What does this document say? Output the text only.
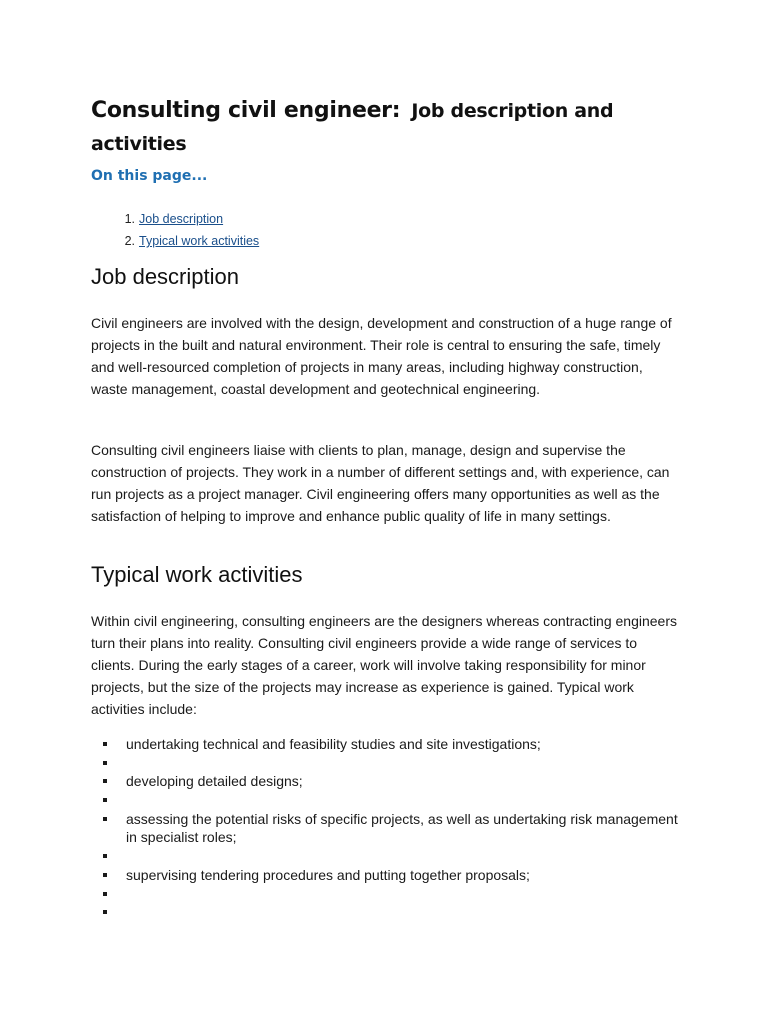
Consulting civil engineer: Job description and activities

On this page...

1. Job description
2. Typical work activities
Job description

Civil engineers are involved with the design, development and construction of a huge range of projects in the built and natural environment. Their role is central to ensuring the safe, timely and well-resourced completion of projects in many areas, including highway construction, waste management, coastal development and geotechnical engineering.

Consulting civil engineers liaise with clients to plan, manage, design and supervise the construction of projects. They work in a number of different settings and, with experience, can run projects as a project manager. Civil engineering offers many opportunities as well as the satisfaction of helping to improve and enhance public quality of life in many settings.

Typical work activities

Within civil engineering, consulting engineers are the designers whereas contracting engineers turn their plans into reality. Consulting civil engineers provide a wide range of services to clients. During the early stages of a career, work will involve taking responsibility for minor projects, but the size of the projects may increase as experience is gained. Typical work activities include:

undertaking technical and feasibility studies and site investigations;
developing detailed designs;
assessing the potential risks of specific projects, as well as undertaking risk management in specialist roles;
supervising tendering procedures and putting together proposals;
